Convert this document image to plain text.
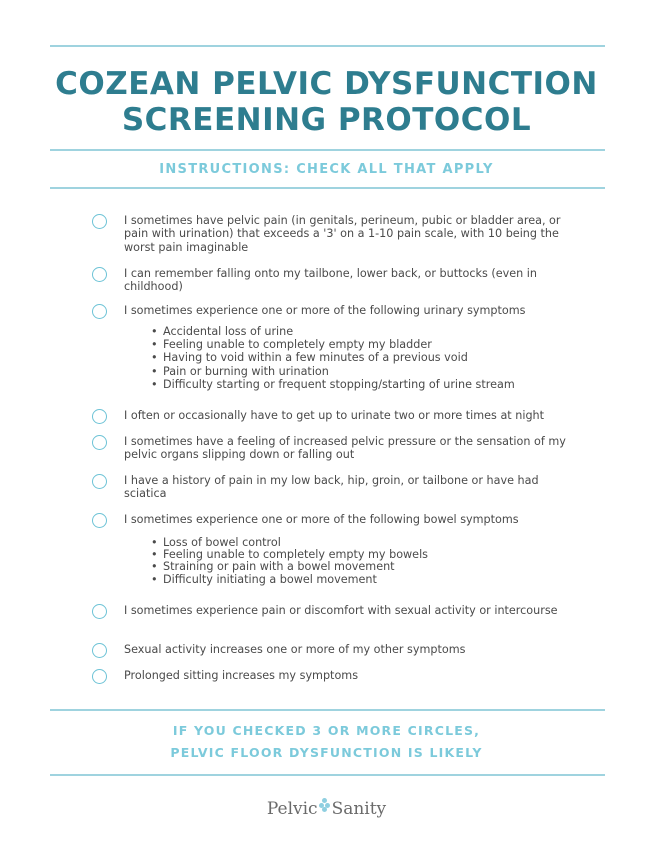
COZEAN PELVIC DYSFUNCTION
SCREENING PROTOCOL
INSTRUCTIONS: CHECK ALL THAT APPLY
I sometimes have pelvic pain (in genitals, perineum, pubic or bladder area, or pain with urination) that exceeds a '3' on a 1-10 pain scale, with 10 being the worst pain imaginable
I can remember falling onto my tailbone, lower back, or buttocks (even in childhood)
I sometimes experience one or more of the following urinary symptoms
• Accidental loss of urine
• Feeling unable to completely empty my bladder
• Having to void within a few minutes of a previous void
• Pain or burning with urination
• Difficulty starting or frequent stopping/starting of urine stream
I often or occasionally have to get up to urinate two or more times at night
I sometimes have a feeling of increased pelvic pressure or the sensation of my pelvic organs slipping down or falling out
I have a history of pain in my low back, hip, groin, or tailbone or have had sciatica
I sometimes experience one or more of the following bowel symptoms
• Loss of bowel control
• Feeling unable to completely empty my bowels
• Straining or pain with a bowel movement
• Difficulty initiating a bowel movement
I sometimes experience pain or discomfort with sexual activity or intercourse
Sexual activity increases one or more of my other symptoms
Prolonged sitting increases my symptoms
IF YOU CHECKED 3 OR MORE CIRCLES,
PELVIC FLOOR DYSFUNCTION IS LIKELY
Pelvic Sanity
